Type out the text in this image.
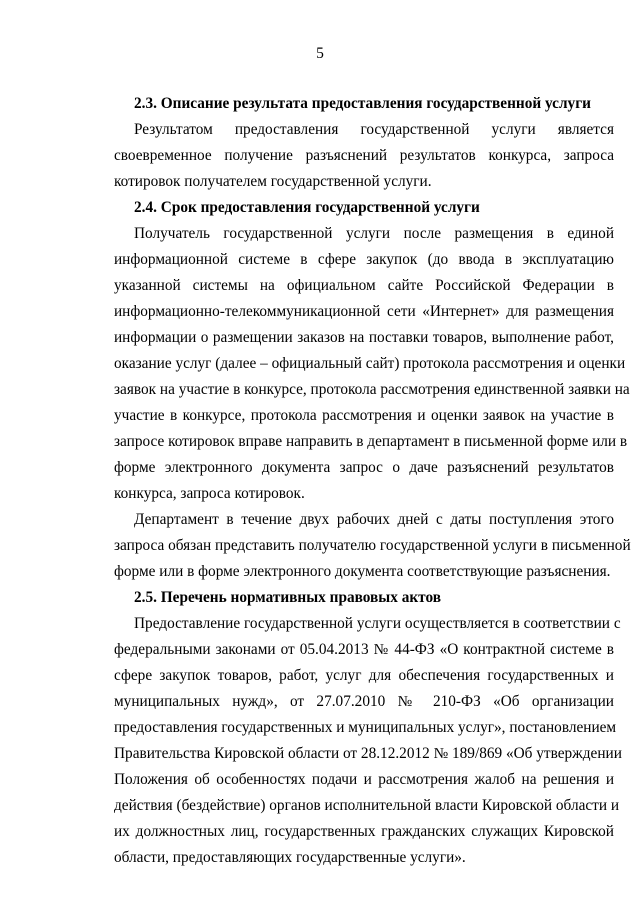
5
2.3. Описание результата предоставления государственной услуги
Результатом предоставления государственной услуги является
своевременное получение разъяснений результатов конкурса, запроса
котировок получателем государственной услуги.
2.4. Срок предоставления государственной услуги
Получатель государственной услуги после размещения в единой
информационной системе в сфере закупок (до ввода в эксплуатацию
указанной системы на официальном сайте Российской Федерации в
информационно-телекоммуникационной сети «Интернет» для размещения
информации о размещении заказов на поставки товаров, выполнение работ,
оказание услуг (далее – официальный сайт) протокола рассмотрения и оценки
заявок на участие в конкурсе, протокола рассмотрения единственной заявки на
участие в конкурсе, протокола рассмотрения и оценки заявок на участие в
запросе котировок вправе направить в департамент в письменной форме или в
форме электронного документа запрос о даче разъяснений результатов
конкурса, запроса котировок.
Департамент в течение двух рабочих дней с даты поступления этого
запроса обязан представить получателю государственной услуги в письменной
форме или в форме электронного документа соответствующие разъяснения.
2.5. Перечень нормативных правовых актов
Предоставление государственной услуги осуществляется в соответствии с
федеральными законами от 05.04.2013 № 44-ФЗ «О контрактной системе в
сфере закупок товаров, работ, услуг для обеспечения государственных и
муниципальных нужд», от 27.07.2010 № 210-ФЗ «Об организации
предоставления государственных и муниципальных услуг», постановлением
Правительства Кировской области от 28.12.2012 № 189/869 «Об утверждении
Положения об особенностях подачи и рассмотрения жалоб на решения и
действия (бездействие) органов исполнительной власти Кировской области и
их должностных лиц, государственных гражданских служащих Кировской
области, предоставляющих государственные услуги».
